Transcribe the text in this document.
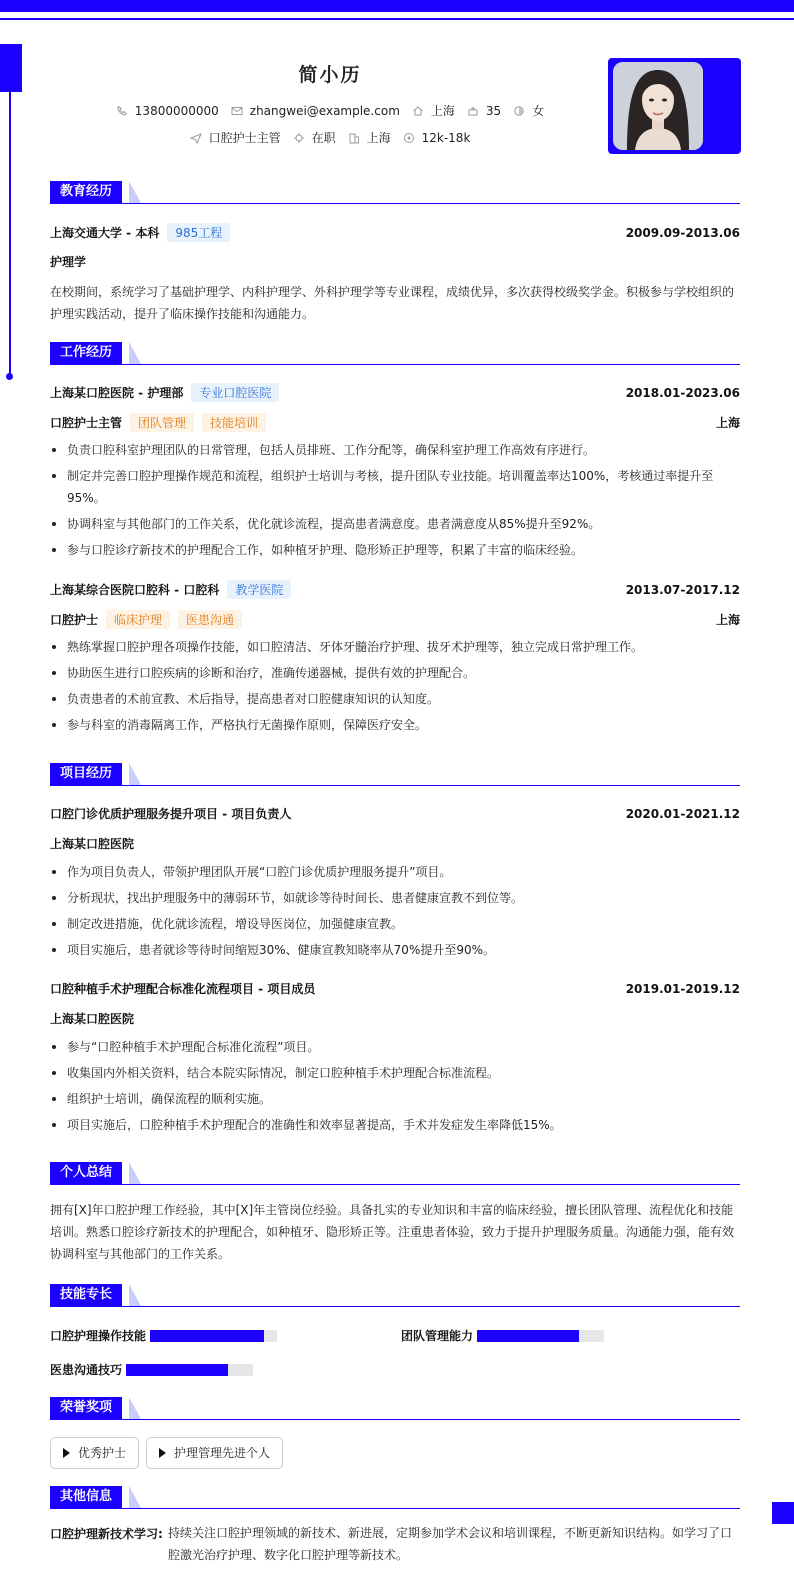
简小历
13800000000	zhangwei@example.com	上海	35	女
口腔护士主管	在职	上海	12k-18k
教育经历
上海交通大学 - 本科 985工程	2009.09-2013.06
护理学
在校期间，系统学习了基础护理学、内科护理学、外科护理学等专业课程，成绩优异，多次获得校级奖学金。积极参与学校组织的护理实践活动，提升了临床操作技能和沟通能力。
工作经历
上海某口腔医院 - 护理部 专业口腔医院	2018.01-2023.06
口腔护士主管 团队管理 技能培训	上海
负责口腔科室护理团队的日常管理，包括人员排班、工作分配等，确保科室护理工作高效有序进行。
制定并完善口腔护理操作规范和流程，组织护士培训与考核，提升团队专业技能。培训覆盖率达100%，考核通过率提升至95%。
协调科室与其他部门的工作关系，优化就诊流程，提高患者满意度。患者满意度从85%提升至92%。
参与口腔诊疗新技术的护理配合工作，如种植牙护理、隐形矫正护理等，积累了丰富的临床经验。
上海某综合医院口腔科 - 口腔科 教学医院	2013.07-2017.12
口腔护士 临床护理 医患沟通	上海
熟练掌握口腔护理各项操作技能，如口腔清洁、牙体牙髓治疗护理、拔牙术护理等，独立完成日常护理工作。
协助医生进行口腔疾病的诊断和治疗，准确传递器械，提供有效的护理配合。
负责患者的术前宣教、术后指导，提高患者对口腔健康知识的认知度。
参与科室的消毒隔离工作，严格执行无菌操作原则，保障医疗安全。
项目经历
口腔门诊优质护理服务提升项目 - 项目负责人	2020.01-2021.12
上海某口腔医院
作为项目负责人，带领护理团队开展“口腔门诊优质护理服务提升”项目。
分析现状，找出护理服务中的薄弱环节，如就诊等待时间长、患者健康宣教不到位等。
制定改进措施，优化就诊流程，增设导医岗位，加强健康宣教。
项目实施后，患者就诊等待时间缩短30%、健康宣教知晓率从70%提升至90%。
口腔种植手术护理配合标准化流程项目 - 项目成员	2019.01-2019.12
上海某口腔医院
参与“口腔种植手术护理配合标准化流程”项目。
收集国内外相关资料，结合本院实际情况，制定口腔种植手术护理配合标准流程。
组织护士培训，确保流程的顺利实施。
项目实施后，口腔种植手术护理配合的准确性和效率显著提高，手术并发症发生率降低15%。
个人总结
拥有[X]年口腔护理工作经验，其中[X]年主管岗位经验。具备扎实的专业知识和丰富的临床经验，擅长团队管理、流程优化和技能培训。熟悉口腔诊疗新技术的护理配合，如种植牙、隐形矫正等。注重患者体验，致力于提升护理服务质量。沟通能力强，能有效协调科室与其他部门的工作关系。
技能专长
口腔护理操作技能	团队管理能力
医患沟通技巧
荣誉奖项
优秀护士	护理管理先进个人
其他信息
口腔护理新技术学习: 持续关注口腔护理领域的新技术、新进展，定期参加学术会议和培训课程，不断更新知识结构。如学习了口腔激光治疗护理、数字化口腔护理等新技术。
